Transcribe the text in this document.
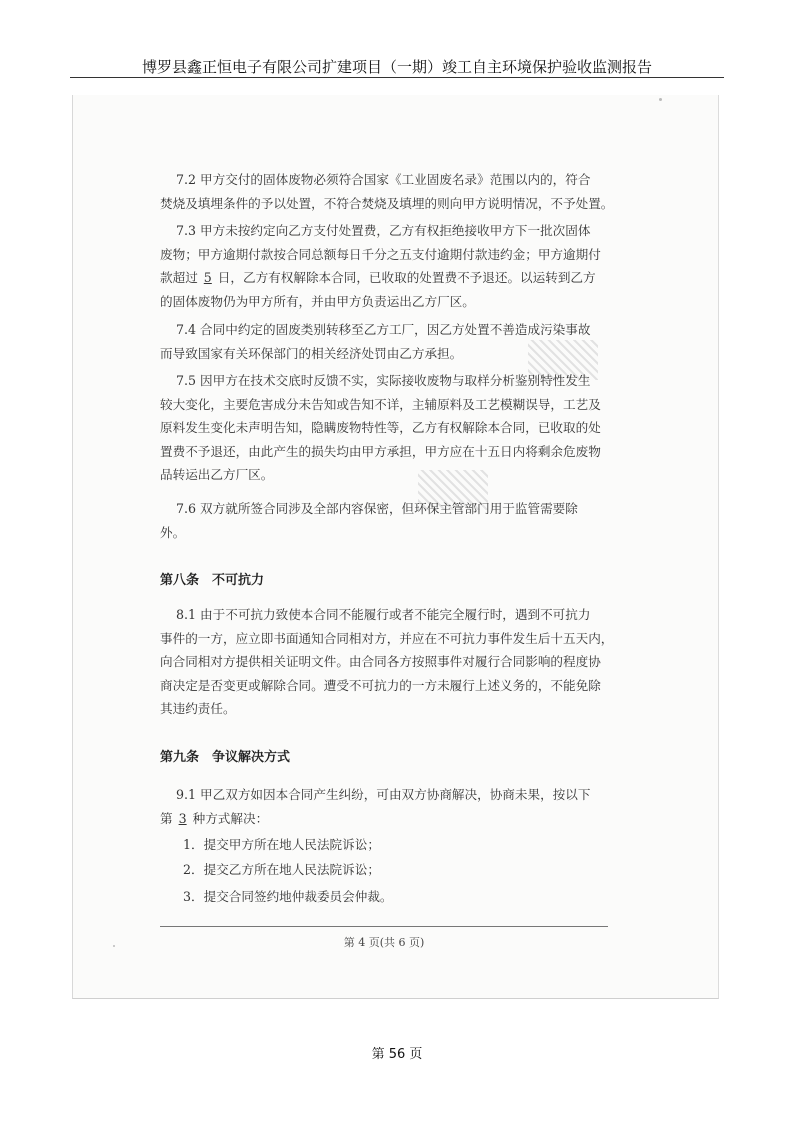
博罗县鑫正恒电子有限公司扩建项目（一期）竣工自主环境保护验收监测报告
7.2 甲方交付的固体废物必须符合国家《工业固废名录》范围以内的，符合
焚烧及填埋条件的予以处置，不符合焚烧及填埋的则向甲方说明情况，不予处置。
7.3 甲方未按约定向乙方支付处置费，乙方有权拒绝接收甲方下一批次固体
废物；甲方逾期付款按合同总额每日千分之五支付逾期付款违约金；甲方逾期付
款超过 5 日，乙方有权解除本合同，已收取的处置费不予退还。以运转到乙方
的固体废物仍为甲方所有，并由甲方负责运出乙方厂区。
7.4 合同中约定的固废类别转移至乙方工厂，因乙方处置不善造成污染事故
而导致国家有关环保部门的相关经济处罚由乙方承担。
7.5 因甲方在技术交底时反馈不实，实际接收废物与取样分析鉴别特性发生
较大变化，主要危害成分未告知或告知不详，主辅原料及工艺模糊误导，工艺及
原料发生变化未声明告知，隐瞒废物特性等，乙方有权解除本合同，已收取的处
置费不予退还，由此产生的损失均由甲方承担，甲方应在十五日内将剩余危废物
品转运出乙方厂区。
7.6 双方就所签合同涉及全部内容保密，但环保主管部门用于监管需要除
外。
第八条　不可抗力
8.1 由于不可抗力致使本合同不能履行或者不能完全履行时，遇到不可抗力
事件的一方，应立即书面通知合同相对方，并应在不可抗力事件发生后十五天内，
向合同相对方提供相关证明文件。由合同各方按照事件对履行合同影响的程度协
商决定是否变更或解除合同。遭受不可抗力的一方未履行上述义务的，不能免除
其违约责任。
第九条　争议解决方式
9.1 甲乙双方如因本合同产生纠纷，可由双方协商解决，协商未果，按以下
第 3 种方式解决：
1．提交甲方所在地人民法院诉讼；
2．提交乙方所在地人民法院诉讼；
3．提交合同签约地仲裁委员会仲裁。
第 4 页(共 6 页)
第 56 页
